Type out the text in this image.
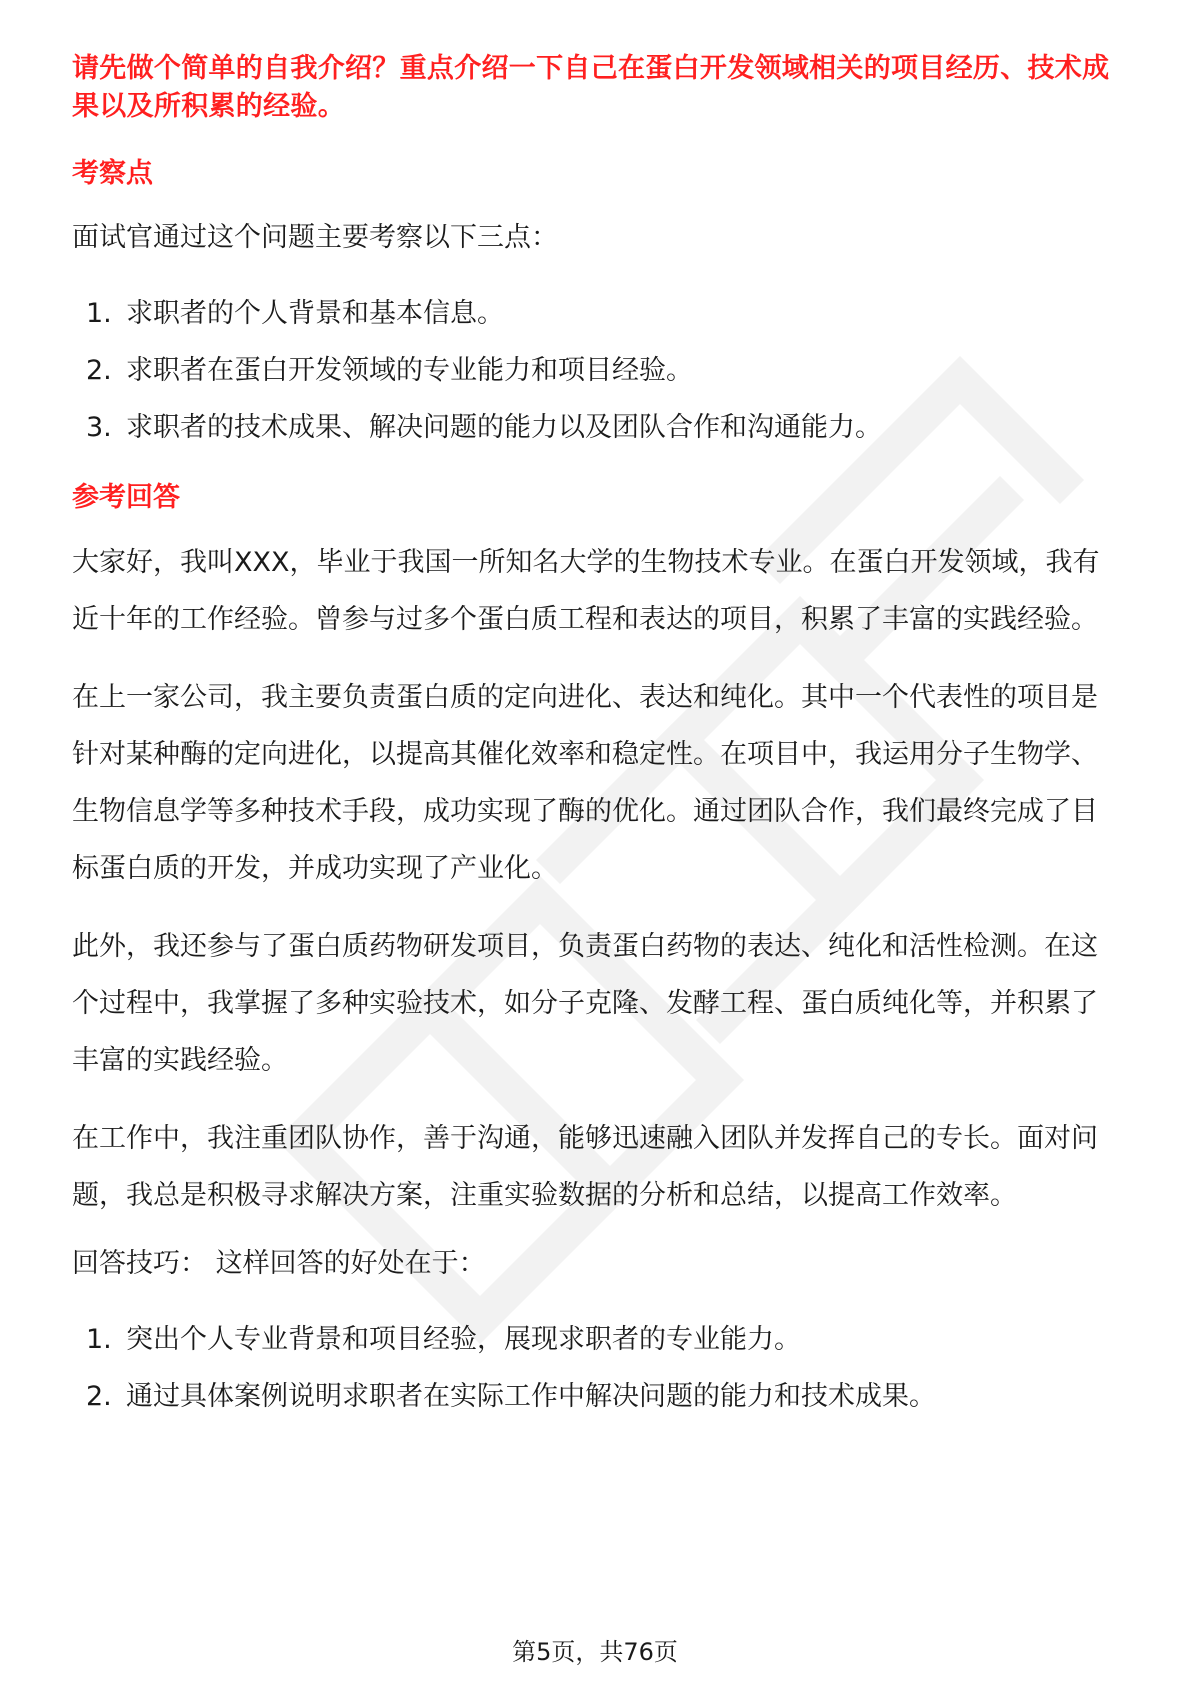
请先做个简单的自我介绍？重点介绍一下自己在蛋白开发领域相关的项目经历、技术成果以及所积累的经验。

考察点

面试官通过这个问题主要考察以下三点：

1. 求职者的个人背景和基本信息。
2. 求职者在蛋白开发领域的专业能力和项目经验。
3. 求职者的技术成果、解决问题的能力以及团队合作和沟通能力。

参考回答

大家好，我叫XXX，毕业于我国一所知名大学的生物技术专业。在蛋白开发领域，我有近十年的工作经验。曾参与过多个蛋白质工程和表达的项目，积累了丰富的实践经验。

在上一家公司，我主要负责蛋白质的定向进化、表达和纯化。其中一个代表性的项目是针对某种酶的定向进化，以提高其催化效率和稳定性。在项目中，我运用分子生物学、生物信息学等多种技术手段，成功实现了酶的优化。通过团队合作，我们最终完成了目标蛋白质的开发，并成功实现了产业化。

此外，我还参与了蛋白质药物研发项目，负责蛋白药物的表达、纯化和活性检测。在这个过程中，我掌握了多种实验技术，如分子克隆、发酵工程、蛋白质纯化等，并积累了丰富的实践经验。

在工作中，我注重团队协作，善于沟通，能够迅速融入团队并发挥自己的专长。面对问题，我总是积极寻求解决方案，注重实验数据的分析和总结，以提高工作效率。

回答技巧： 这样回答的好处在于：

1. 突出个人专业背景和项目经验，展现求职者的专业能力。
2. 通过具体案例说明求职者在实际工作中解决问题的能力和技术成果。
第5页，共76页
